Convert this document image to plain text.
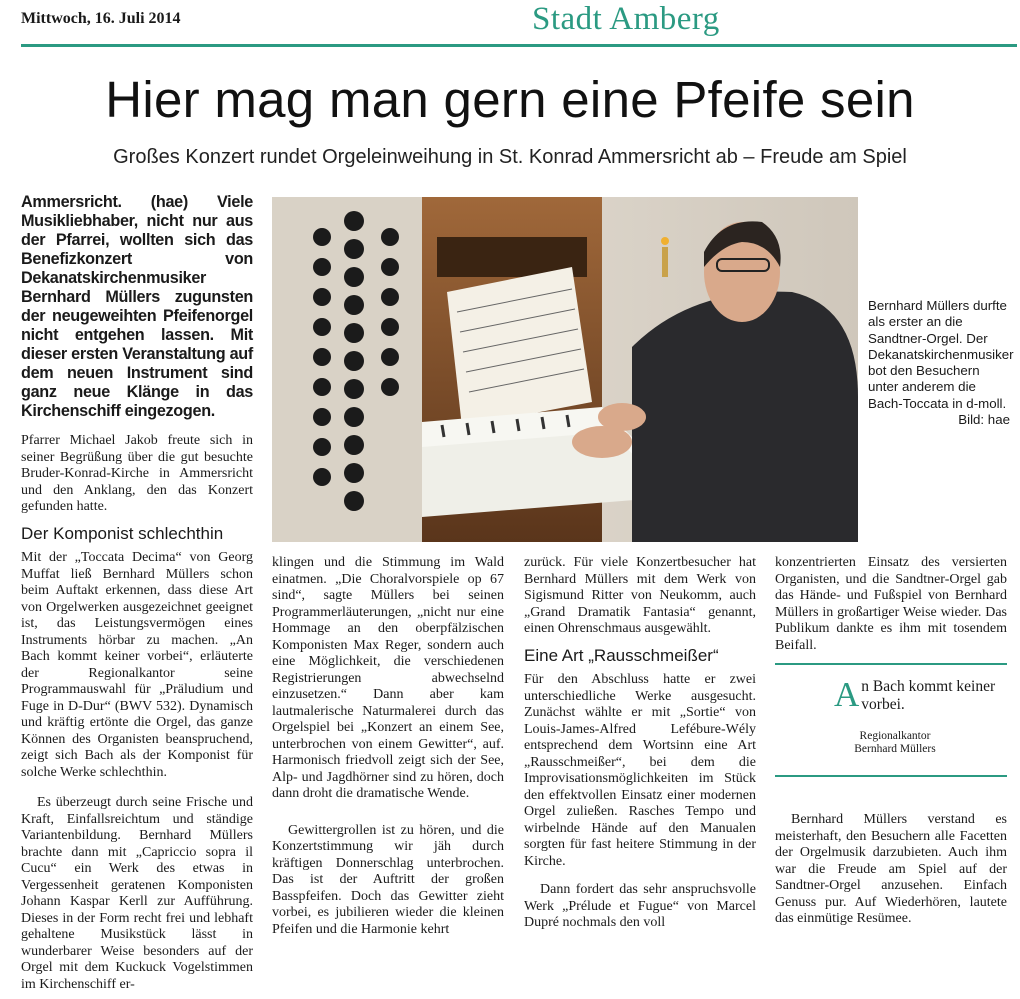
Mittwoch, 16. Juli 2014	Stadt Amberg
Hier mag man gern eine Pfeife sein
Großes Konzert rundet Orgeleinweihung in St. Konrad Ammersricht ab – Freude am Spiel

Ammersricht. (hae) Viele Musikliebhaber, nicht nur aus der Pfarrei, wollten sich das Benefizkonzert von Dekanatskirchenmusiker Bernhard Müllers zugunsten der neugeweihten Pfeifenorgel nicht entgehen lassen. Mit dieser ersten Veranstaltung auf dem neuen Instrument sind ganz neue Klänge in das Kirchenschiff eingezogen.

Pfarrer Michael Jakob freute sich in seiner Begrüßung über die gut besuchte Bruder-Konrad-Kirche in Ammersricht und den Anklang, den das Konzert gefunden hatte.

Der Komponist schlechthin

Mit der „Toccata Decima“ von Georg Muffat ließ Bernhard Müllers schon beim Auftakt erkennen, dass diese Art von Orgelwerken ausgezeichnet geeignet ist, das Leistungsvermögen eines Instruments hörbar zu machen. „An Bach kommt keiner vorbei“, erläuterte der Regionalkantor seine Programmauswahl für „Präludium und Fuge in D-Dur“ (BWV 532). Dynamisch und kräftig ertönte die Orgel, das ganze Können des Organisten beanspruchend, zeigt sich Bach als der Komponist für solche Werke schlechthin.

Es überzeugt durch seine Frische und Kraft, Einfallsreichtum und ständige Variantenbildung. Bernhard Müllers brachte dann mit „Capriccio sopra il Cucu“ ein Werk des etwas in Vergessenheit geratenen Komponisten Johann Kaspar Kerll zur Aufführung. Dieses in der Form recht frei und lebhaft gehaltene Musikstück lässt in wunderbarer Weise besonders auf der Orgel mit dem Kuckuck Vogelstimmen im Kirchenschiff er-

Bernhard Müllers durfte als erster an die Sandtner-Orgel. Der Dekanatskirchenmusiker bot den Besuchern unter anderem die Bach-Toccata in d-moll.
Bild: hae

klingen und die Stimmung im Wald einatmen. „Die Choralvorspiele op 67 sind“, sagte Müllers bei seinen Programmerläuterungen, „nicht nur eine Hommage an den oberpfälzischen Komponisten Max Reger, sondern auch eine Möglichkeit, die verschiedenen Registrierungen abwechselnd einzusetzen.“ Dann aber kam lautmalerische Naturmalerei durch das Orgelspiel bei „Konzert an einem See, unterbrochen von einem Gewitter“, auf. Harmonisch friedvoll zeigt sich der See, Alp- und Jagdhörner sind zu hören, doch dann droht die dramatische Wende.

Gewittergrollen ist zu hören, und die Konzertstimmung wir jäh durch kräftigen Donnerschlag unterbrochen. Das ist der Auftritt der großen Basspfeifen. Doch das Gewitter zieht vorbei, es jubilieren wieder die kleinen Pfeifen und die Harmonie kehrt

zurück. Für viele Konzertbesucher hat Bernhard Müllers mit dem Werk von Sigismund Ritter von Neukomm, auch „Grand Dramatik Fantasia“ genannt, einen Ohrenschmaus ausgewählt.

Eine Art „Rausschmeißer“

Für den Abschluss hatte er zwei unterschiedliche Werke ausgesucht. Zunächst wählte er mit „Sortie“ von Louis-James-Alfred Lefébure-Wély entsprechend dem Wortsinn eine Art „Rausschmeißer“, bei dem die Improvisationsmöglichkeiten im Stück den effektvollen Einsatz einer modernen Orgel zuließen. Rasches Tempo und wirbelnde Hände auf den Manualen sorgten für fast heitere Stimmung in der Kirche.

Dann fordert das sehr anspruchsvolle Werk „Prélude et Fugue“ von Marcel Dupré nochmals den voll

konzentrierten Einsatz des versierten Organisten, und die Sandtner-Orgel gab das Hände- und Fußspiel von Bernhard Müllers in großartiger Weise wieder. Das Publikum dankte es ihm mit tosendem Beifall.

A n Bach kommt keiner vorbei.
Regionalkantor
Bernhard Müllers

Bernhard Müllers verstand es meisterhaft, den Besuchern alle Facetten der Orgelmusik darzubieten. Auch ihm war die Freude am Spiel auf der Sandtner-Orgel anzusehen. Einfach Genuss pur. Auf Wiederhören, lautete das einmütige Resümee.
